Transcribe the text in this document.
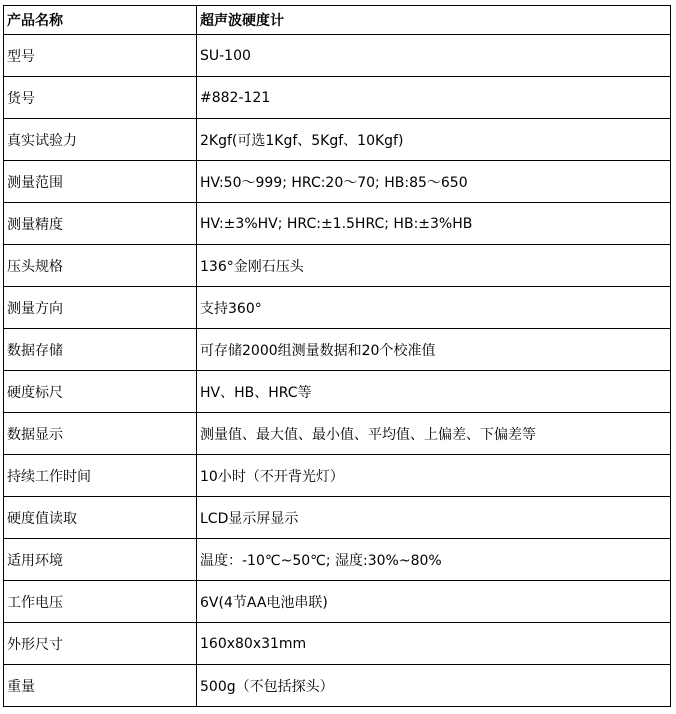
产品名称	超声波硬度计
型号	SU-100
货号	#882-121
真实试验力	2Kgf(可选1Kgf、5Kgf、10Kgf)
测量范围	HV:50～999; HRC:20～70; HB:85～650
测量精度	HV:±3%HV; HRC:±1.5HRC; HB:±3%HB
压头规格	136°金刚石压头
测量方向	支持360°
数据存储	可存储2000组测量数据和20个校准值
硬度标尺	HV、HB、HRC等
数据显示	测量值、最大值、最小值、平均值、上偏差、下偏差等
持续工作时间	10小时（不开背光灯）
硬度值读取	LCD显示屏显示
适用环境	温度：-10℃~50℃; 湿度:30%~80%
工作电压	6V(4节AA电池串联)
外形尺寸	160x80x31mm
重量	500g（不包括探头）
